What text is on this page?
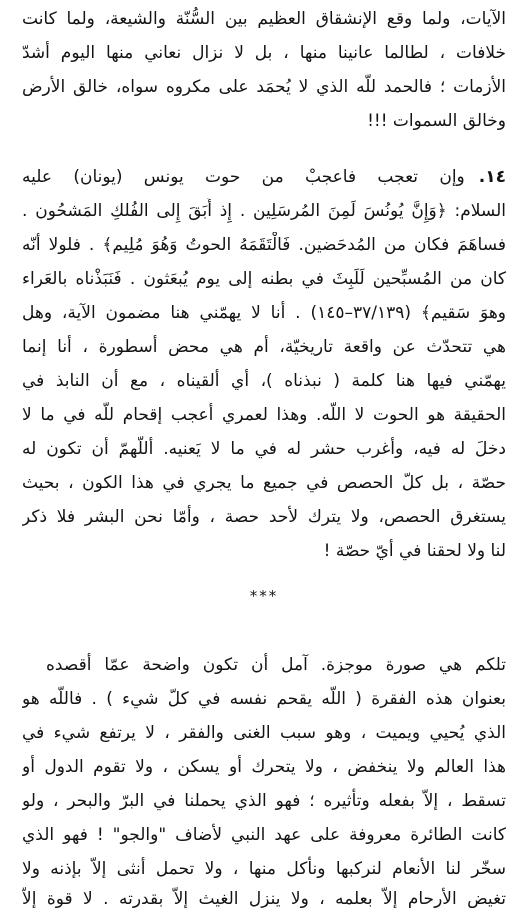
الآيات، ولما وقع الإنشقاق العظيم بين السُّنّة والشيعة، ولما كانت
خلافات ، لطالما عانينا منها ، بل لا نزال نعاني منها اليوم أشدّ
الأزمات ؛ فالحمد للّه الذي لا يُحمَد على مكروه سواه، خالق الأرض
وخالق السموات !!!
١٤.وإن تعجب فاعجبْ من حوت يونس (يونان) عليه
السلام: ﴿وَإِنَّ يُونُسَ لَمِنَ المُرسَلِين . إِذ أَبَقَ إِلى الفُلكِ المَشحُون .
فساهَمَ فكان من المُدحَضين. فَالْتَقَمَهُ الحوتُ وَهُوَ مُلِيم﴾ . فلولا أنّه
كان من المُسبِّحين لَلَبِثَ في بطنه إلى يوم يُبعَثون . فَنَبَذْناه بالعَراء
وهوَ سَقيم﴾ (٣٧/١٣٩–١٤٥) . أنا لا يهمّني هنا مضمون الآية، وهل
هي تتحدّث عن واقعة تاريخيّة، أم هي محض أسطورة ، أنا إنما
يهمّني فيها هنا كلمة ( نبذناه )، أي ألقيناه ، مع أن النابذ في
الحقيقة هو الحوت لا اللّه. وهذا لعمري أعجب إقحام للّه في ما لا
دخلَ له فيه، وأغرب حشر له في ما لا يَعنيه. أللّهمّ أن تكون له
حصّة ، بل كلّ الحصص في جميع ما يجري في هذا الكون ، بحيث
يستغرق الحصص، ولا يترك لأحد حصة ، وأمّا نحن البشر فلا ذكر
لنا ولا لحقنا في أيّ حصّة !
***
تلكم هي صورة موجزة. آمل أن تكون واضحة عمّا أقصده
بعنوان هذه الفقرة ( اللّه يقحم نفسه في كلّ شيء ) . فاللّه هو
الذي يُحيي ويميت ، وهو سبب الغنى والفقر ، لا يرتفع شيء في
هذا العالم ولا ينخفض ، ولا يتحرك أو يسكن ، ولا تقوم الدول أو
تسقط ، إلاّ بفعله وتأثيره ؛ فهو الذي يحملنا في البرّ والبحر ، ولو
كانت الطائرة معروفة على عهد النبي لأضاف "والجو" ! فهو الذي
سخّر لنا الأنعام لنركبها ونأكل منها ، ولا تحمل أنثى إلاّ بإذنه ولا
تغيض الأرحام إلاّ بعلمه ، ولا ينزل الغيث إلاّ بقدرته . لا قوة إلاّ
